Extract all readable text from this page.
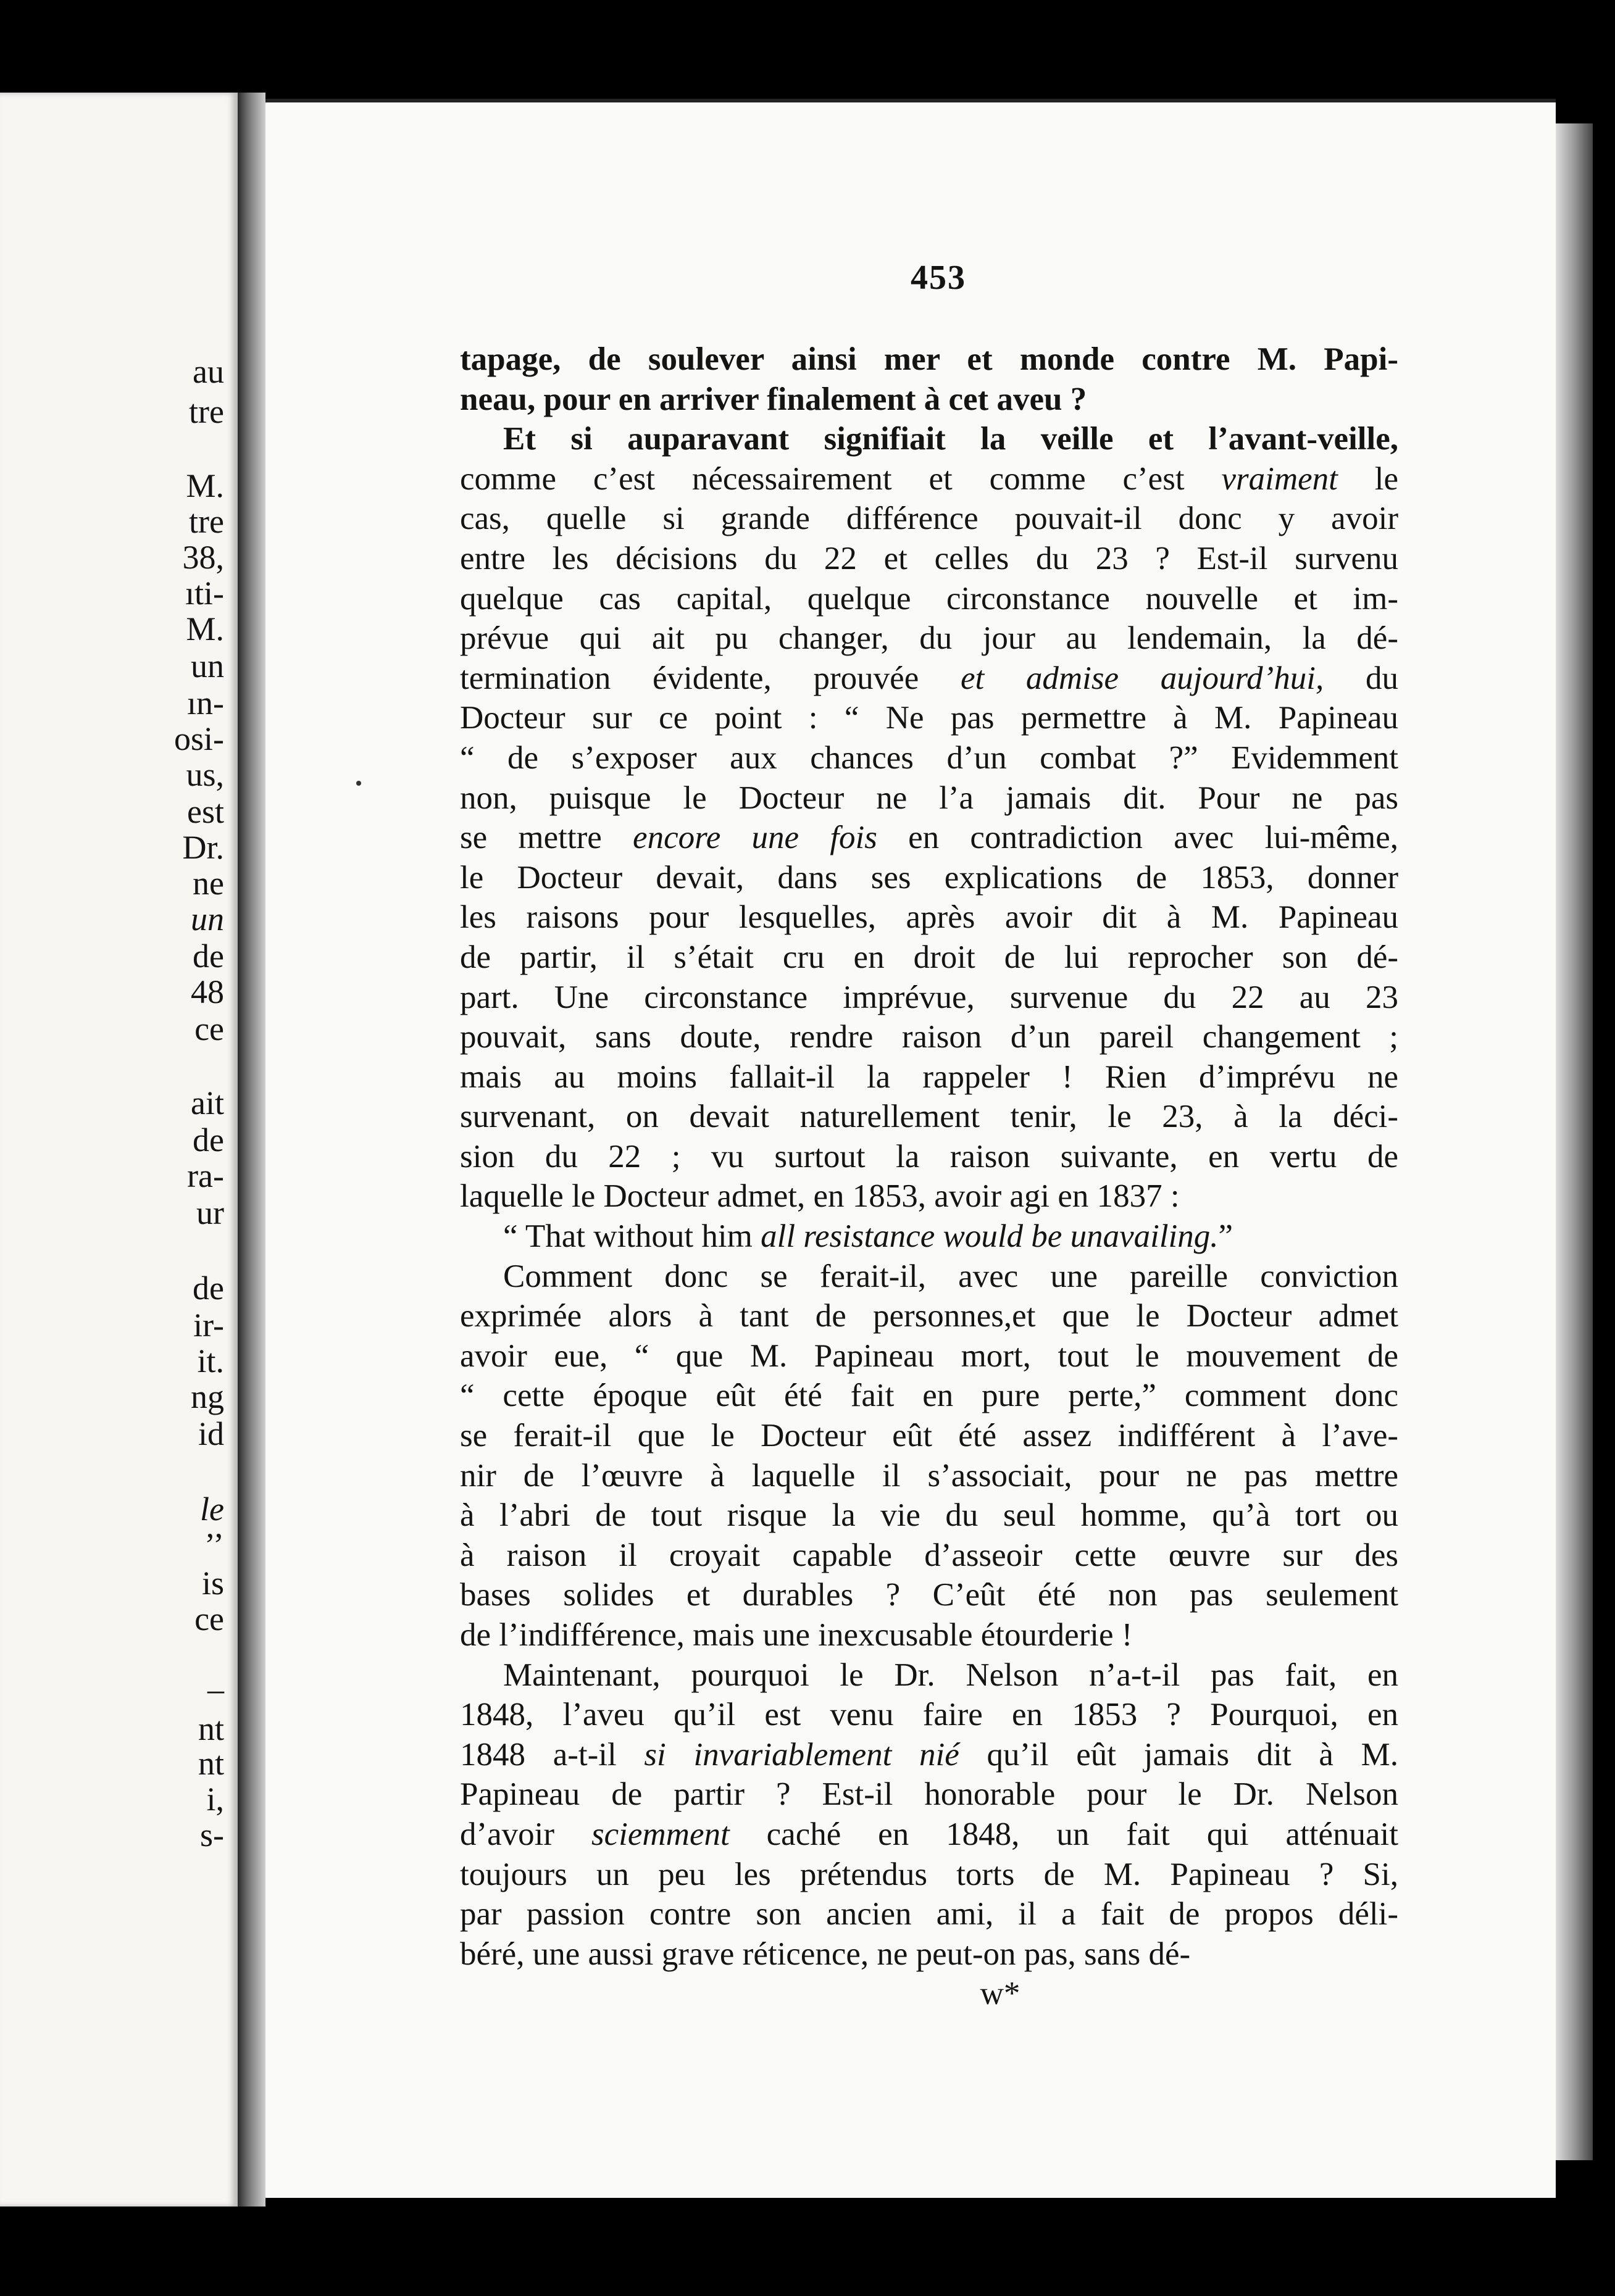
au

tre

M.

tre

38,

ıti-

M.

un

ın-

osi-

us,

est

Dr.

ne

un

de

48

ce

ait

de

ra-

ur

de

ir-

it.

ng

id

le

’’

is

ce

–

nt

nt

i,

s-

453

tapage, de soulever ainsi mer et monde contre M. Papi-
neau, pour en arriver finalement à cet aveu ?
Et si auparavant signifiait la veille et l’avant-veille,
comme c’est nécessairement et comme c’est vraiment le
cas, quelle si grande différence pouvait-il donc y avoir
entre les décisions du 22 et celles du 23 ? Est-il survenu
quelque cas capital, quelque circonstance nouvelle et im-
prévue qui ait pu changer, du jour au lendemain, la dé-
termination évidente, prouvée et admise aujourd’hui, du
Docteur sur ce point : “ Ne pas permettre à M. Papineau
“ de s’exposer aux chances d’un combat ?” Evidemment
non, puisque le Docteur ne l’a jamais dit. Pour ne pas
se mettre encore une fois en contradiction avec lui-même,
le Docteur devait, dans ses explications de 1853, donner
les raisons pour lesquelles, après avoir dit à M. Papineau
de partir, il s’était cru en droit de lui reprocher son dé-
part. Une circonstance imprévue, survenue du 22 au 23
pouvait, sans doute, rendre raison d’un pareil changement ;
mais au moins fallait-il la rappeler ! Rien d’imprévu ne
survenant, on devait naturellement tenir, le 23, à la déci-
sion du 22 ; vu surtout la raison suivante, en vertu de
laquelle le Docteur admet, en 1853, avoir agi en 1837 :
“ That without him all resistance would be unavailing.”
Comment donc se ferait-il, avec une pareille conviction
exprimée alors à tant de personnes,et que le Docteur admet
avoir eue, “ que M. Papineau mort, tout le mouvement de
“ cette époque eût été fait en pure perte,” comment donc
se ferait-il que le Docteur eût été assez indifférent à l’ave-
nir de l’œuvre à laquelle il s’associait, pour ne pas mettre
à l’abri de tout risque la vie du seul homme, qu’à tort ou
à raison il croyait capable d’asseoir cette œuvre sur des
bases solides et durables ? C’eût été non pas seulement
de l’indifférence, mais une inexcusable étourderie !
Maintenant, pourquoi le Dr. Nelson n’a-t-il pas fait, en
1848, l’aveu qu’il est venu faire en 1853 ? Pourquoi, en
1848 a-t-il si invariablement nié qu’il eût jamais dit à M.
Papineau de partir ? Est-il honorable pour le Dr. Nelson
d’avoir sciemment caché en 1848, un fait qui atténuait
toujours un peu les prétendus torts de M. Papineau ? Si,
par passion contre son ancien ami, il a fait de propos déli-
béré, une aussi grave réticence, ne peut-on pas, sans dé-
w*
